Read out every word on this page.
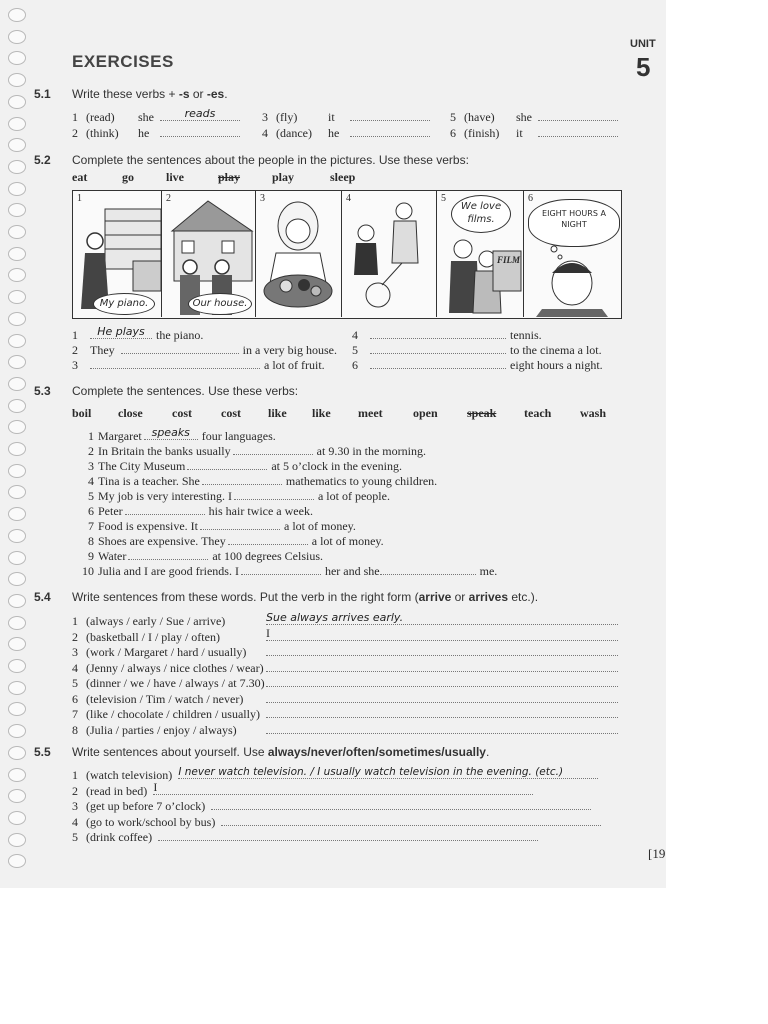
EXERCISES
UNIT
5
5.1 Write these verbs + -s or -es.
1 (read) she	reads
2 (think) he
3 (fly)	it
4 (dance) he
5 (have) she
6 (finish) it
5.2 Complete the sentences about the people in the pictures. Use these verbs:
eat	go	live	play	play	sleep
1
My piano.
2
Our house.
3	4	5
We love films.
FILM
6
EIGHT HOURS A NIGHT
1 He plays the piano.
2 They	in a very big house.
3	a lot of fruit.
4	tennis.
5	to the cinema a lot.
6	eight hours a night.
5.3 Complete the sentences. Use these verbs:
boil close cost cost like like meet	open speak teach wash
1 Margaret speaks four languages.
2 In Britain the banks usually	at 9.30 in the morning.
3 The City Museum	at 5 o’clock in the evening.
4 Tina is a teacher. She	mathematics to young children.
5 My job is very interesting. I	a lot of people.
6 Peter	his hair twice a week.
7 Food is expensive. It	a lot of money.
8 Shoes are expensive. They	a lot of money.
9 Water	at 100 degrees Celsius.
10 Julia and I are good friends. I	her and she	me.
5.4 Write sentences from these words. Put the verb in the right form (arrive or arrives etc.).
1 (always / early / Sue / arrive)	Sue always arrives early.
2 (basketball / I / play / often)	I
3 (work / Margaret / hard / usually)
4 (Jenny / always / nice clothes / wear)
5 (dinner / we / have / always / at 7.30)
6 (television / Tim / watch / never)
7 (like / chocolate / children / usually)
8 (Julia / parties / enjoy / always)
5.5 Write sentences about yourself. Use always/never/often/sometimes/usually.
1 (watch television) I never watch television. / I usually watch television in the evening. (etc.)
2 (read in bed) I
3 (get up before 7 o’clock)
4 (go to work/school by bus)
5 (drink coffee)
[19
